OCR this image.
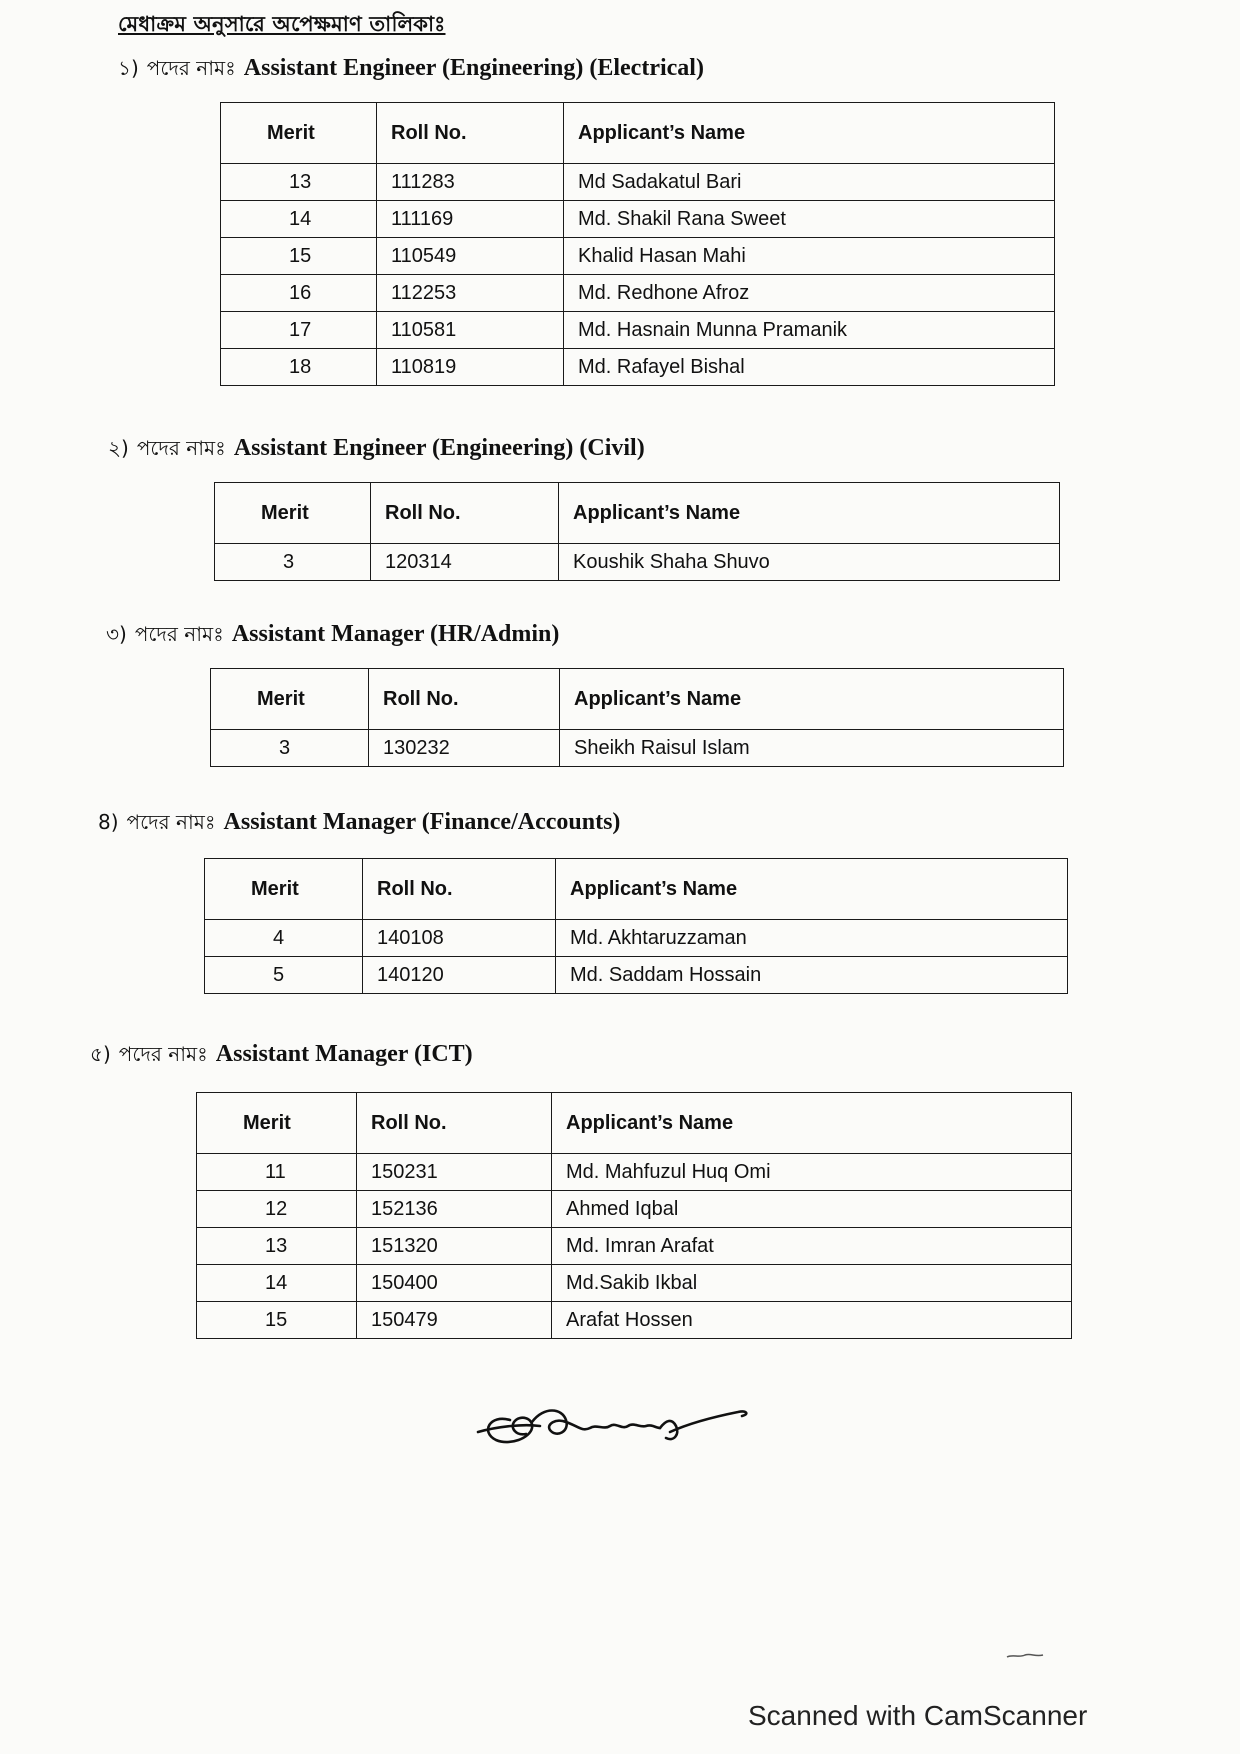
মেধাক্রম অনুসারে অপেক্ষমাণ তালিকাঃ
১) পদের নামঃ Assistant Engineer (Engineering) (Electrical)
Merit	Roll No.	Applicant’s Name
13	111283	Md Sadakatul Bari
14	111169	Md. Shakil Rana Sweet
15	110549	Khalid Hasan Mahi
16	112253	Md. Redhone Afroz
17	110581	Md. Hasnain Munna Pramanik
18	110819	Md. Rafayel Bishal
২) পদের নামঃ Assistant Engineer (Engineering) (Civil)
Merit	Roll No.	Applicant’s Name
3	120314	Koushik Shaha Shuvo
৩) পদের নামঃ Assistant Manager (HR/Admin)
Merit	Roll No.	Applicant’s Name
3	130232	Sheikh Raisul Islam
8) পদের নামঃ Assistant Manager (Finance/Accounts)
Merit	Roll No.	Applicant’s Name
4	140108	Md. Akhtaruzzaman
5	140120	Md. Saddam Hossain
৫) পদের নামঃ Assistant Manager (ICT)
Merit	Roll No.	Applicant’s Name
11	150231	Md. Mahfuzul Huq Omi
12	152136	Ahmed Iqbal
13	151320	Md. Imran Arafat
14	150400	Md.Sakib Ikbal
15	150479	Arafat Hossen
Scanned with CamScanner
